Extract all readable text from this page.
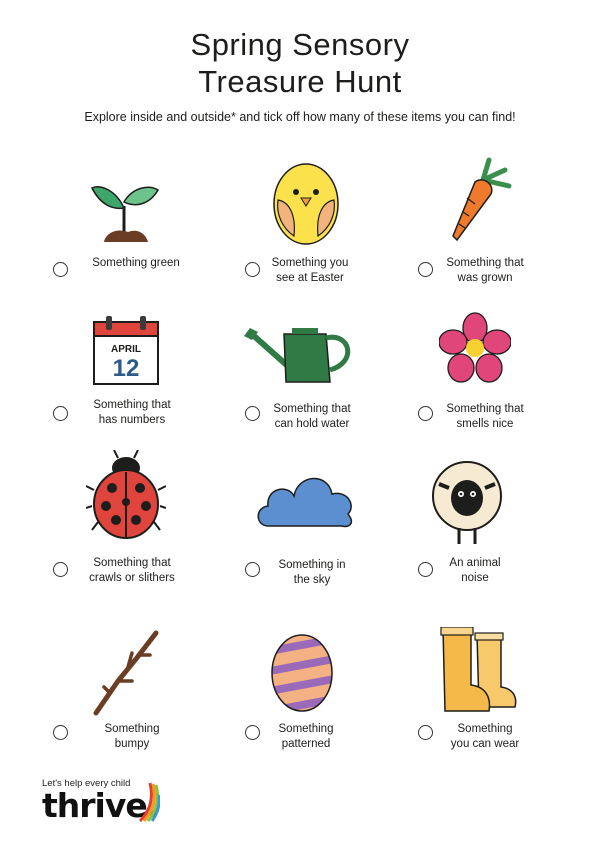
Spring Sensory
Treasure Hunt
Explore inside and outside* and tick off how many of these items you can find!
Something green	Something you
see at Easter
Something that
was grown
APRIL
12
Something that
has numbers
Something that
can hold water
Something that
smells nice
Something that
crawls or slithers
Something in
the sky
An animal
noise
Something
bumpy
Something
patterned
Something
you can wear
Let's help every child
thrive.
